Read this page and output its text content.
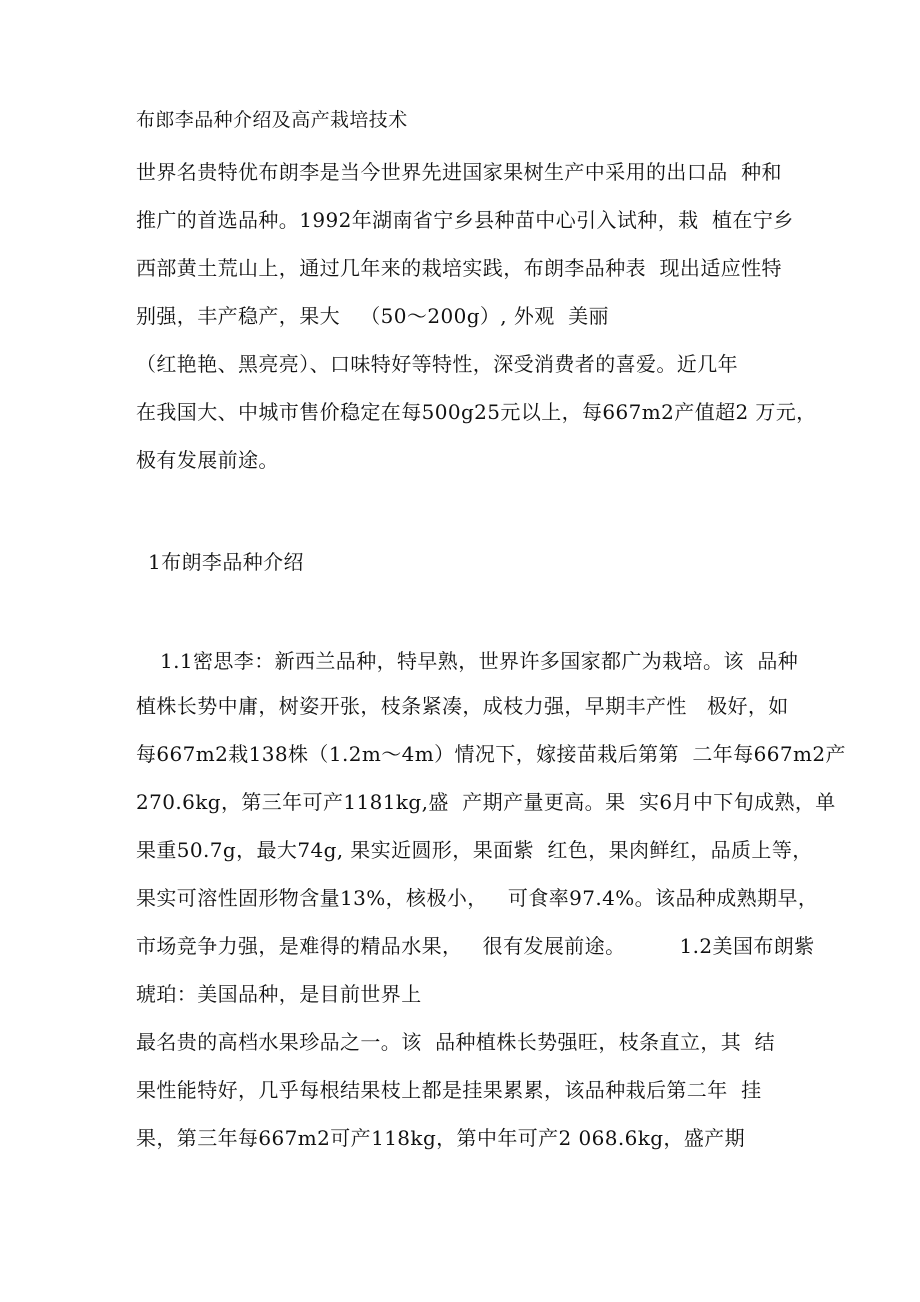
布郎李品种介绍及高产栽培技术
世界名贵特优布朗李是当今世界先进国家果树生产中采用的出口品  种和
推广的首选品种。1992年湖南省宁乡县种苗中心引入试种，栽  植在宁乡
西部黄土荒山上，通过几年来的栽培实践，布朗李品种表  现出适应性特
别强，丰产稳产，果大   （50〜200g）, 外观  美丽
（红艳艳、黑亮亮）、口味特好等特性，深受消费者的喜爱。近几年
在我国大、中城市售价稳定在每500g25元以上，每667m2产值超2 万元，
极有发展前途。
1布朗李品种介绍
1.1密思李：新西兰品种，特早熟，世界许多国家都广为栽培。该  品种
植株长势中庸，树姿开张，枝条紧凑，成枝力强，早期丰产性   极好，如
每667m2栽138株（1.2m〜4m）情况下，嫁接苗栽后第第  二年每667m2产
270.6kg，第三年可产1181kg,盛  产期产量更高。果  实6月中下旬成熟，单
果重50.7g，最大74g, 果实近圆形，果面紫  红色，果肉鲜红，品质上等，
果实可溶性固形物含量13%，核极小，   可食率97.4%。该品种成熟期早，
市场竞争力强，是难得的精品水果，   很有发展前途。        1.2美国布朗紫
琥珀：美国品种，是目前世界上
最名贵的高档水果珍品之一。该  品种植株长势强旺，枝条直立，其  结
果性能特好，几乎每根结果枝上都是挂果累累，该品种栽后第二年  挂
果，第三年每667m2可产118kg，第中年可产2 068.6kg，盛产期
